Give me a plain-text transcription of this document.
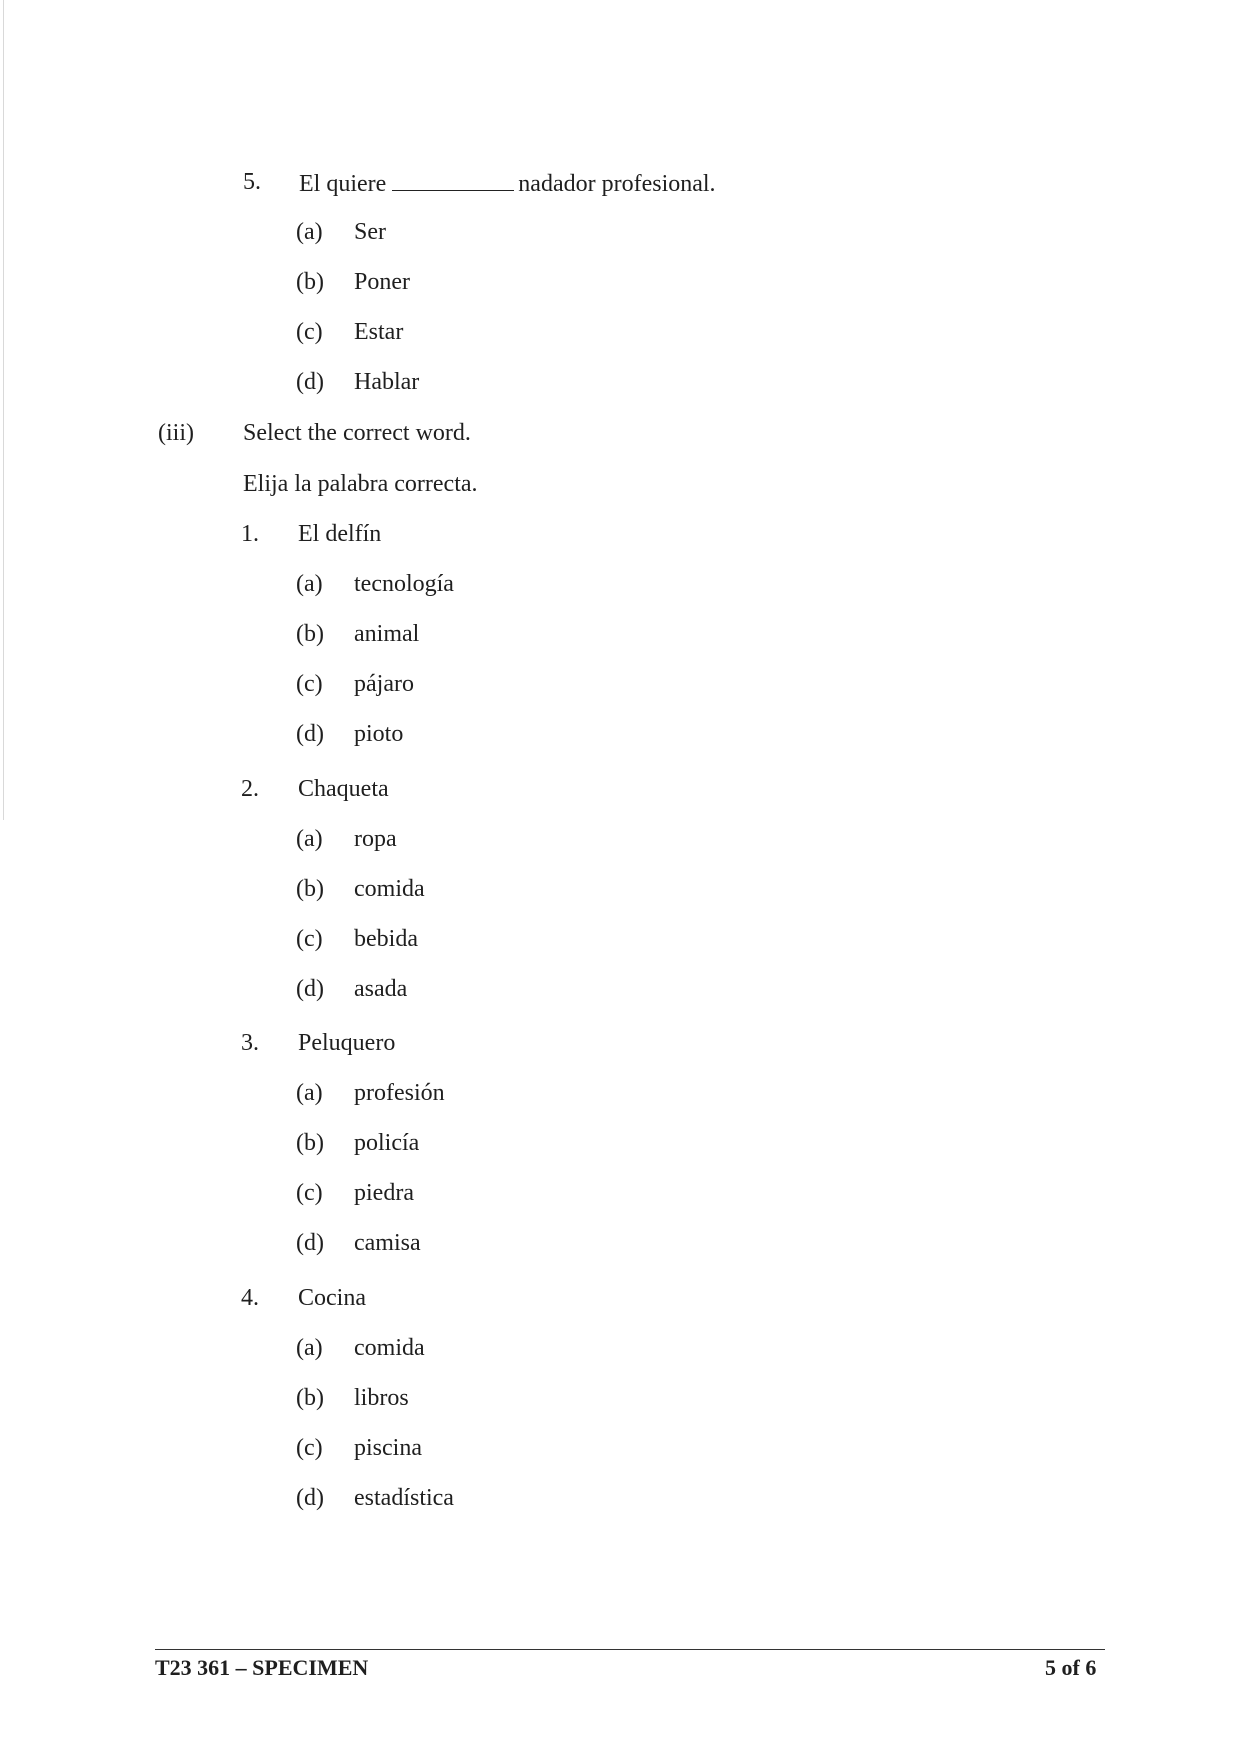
5. El quiere	nadador profesional.
(a) Ser
(b) Poner
(c) Estar
(d) Hablar
(iii) Select the correct word.
Elija la palabra correcta.
1. El delfín
(a) tecnología
(b) animal
(c) pájaro
(d) pioto
2. Chaqueta
(a) ropa
(b) comida
(c) bebida
(d) asada
3. Peluquero
(a) profesión
(b) policía
(c) piedra
(d) camisa
4. Cocina
(a) comida
(b) libros
(c) piscina
(d) estadística
T23 361 – SPECIMEN	5 of 6
